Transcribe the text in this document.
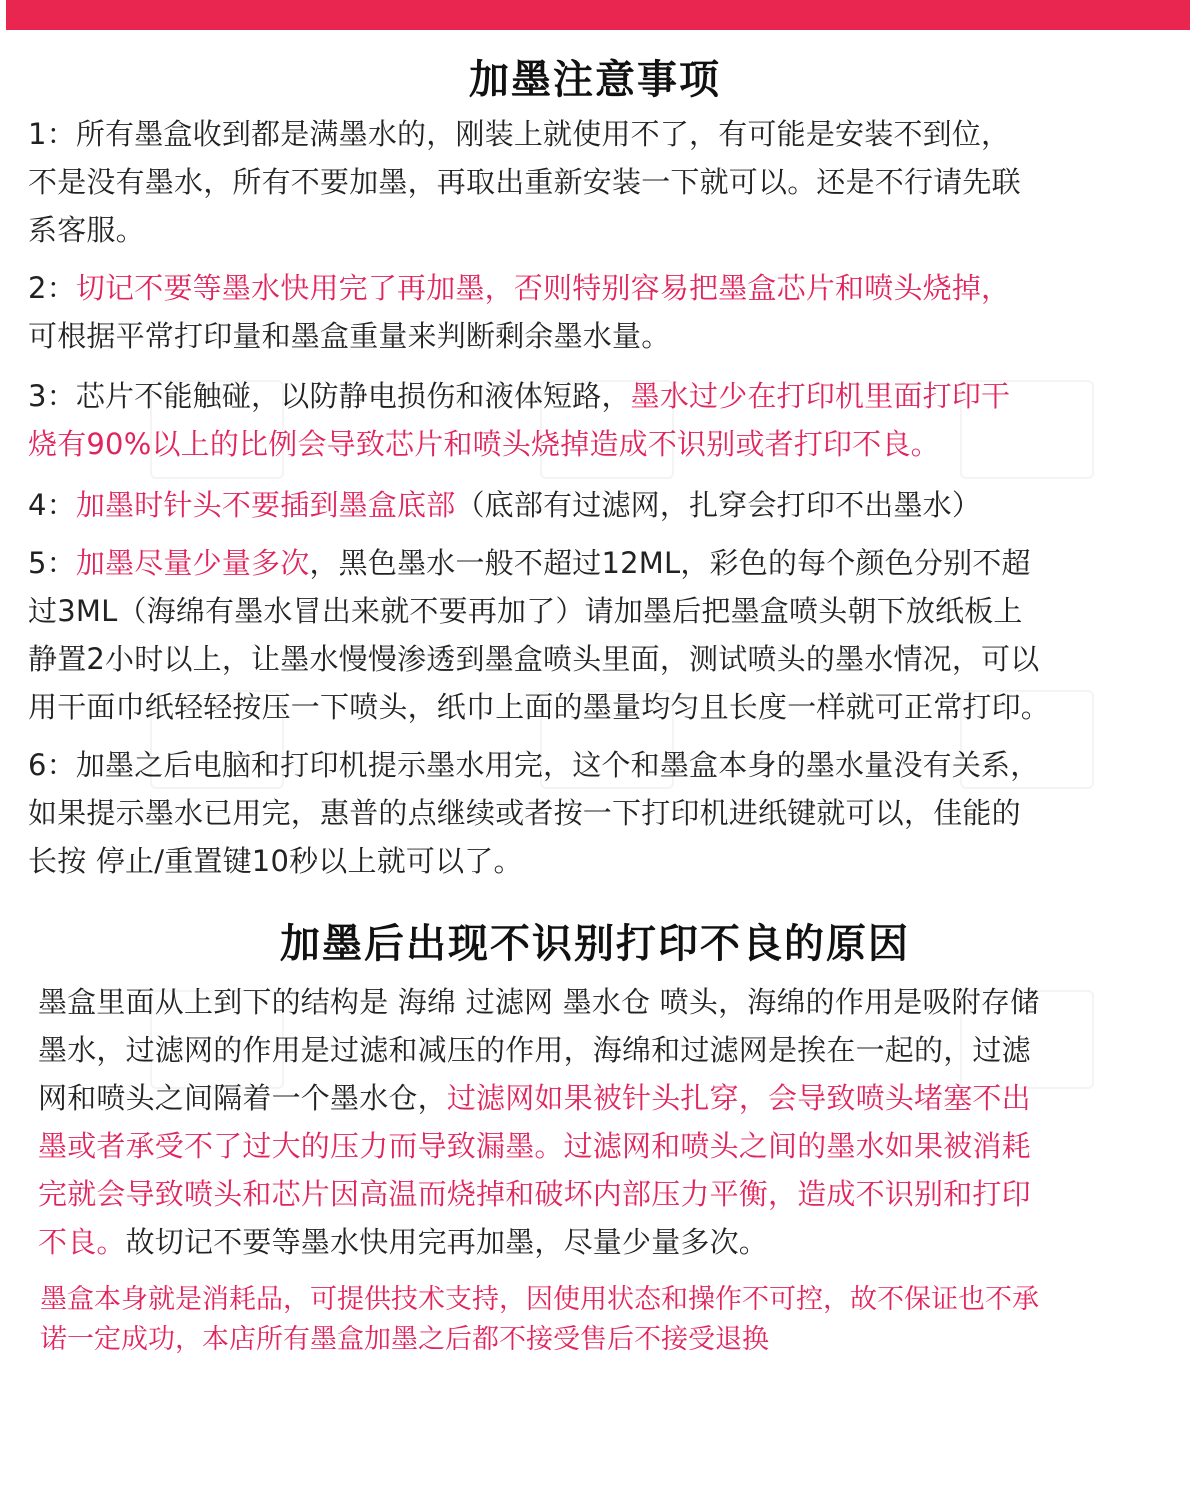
加墨注意事项
1：所有墨盒收到都是满墨水的，刚装上就使用不了，有可能是安装不到位，
不是没有墨水，所有不要加墨，再取出重新安装一下就可以。还是不行请先联
系客服。
2：切记不要等墨水快用完了再加墨，否则特别容易把墨盒芯片和喷头烧掉，
可根据平常打印量和墨盒重量来判断剩余墨水量。
3：芯片不能触碰，以防静电损伤和液体短路，墨水过少在打印机里面打印干
烧有90%以上的比例会导致芯片和喷头烧掉造成不识别或者打印不良。
4：加墨时针头不要插到墨盒底部（底部有过滤网，扎穿会打印不出墨水）
5：加墨尽量少量多次，黑色墨水一般不超过12ML，彩色的每个颜色分别不超
过3ML（海绵有墨水冒出来就不要再加了）请加墨后把墨盒喷头朝下放纸板上
静置2小时以上，让墨水慢慢渗透到墨盒喷头里面，测试喷头的墨水情况，可以
用干面巾纸轻轻按压一下喷头，纸巾上面的墨量均匀且长度一样就可正常打印。
6：加墨之后电脑和打印机提示墨水用完，这个和墨盒本身的墨水量没有关系，
如果提示墨水已用完，惠普的点继续或者按一下打印机进纸键就可以，佳能的
长按 停止/重置键10秒以上就可以了。
加墨后出现不识别打印不良的原因
墨盒里面从上到下的结构是 海绵 过滤网 墨水仓 喷头，海绵的作用是吸附存储
墨水，过滤网的作用是过滤和减压的作用，海绵和过滤网是挨在一起的，过滤
网和喷头之间隔着一个墨水仓，过滤网如果被针头扎穿，会导致喷头堵塞不出
墨或者承受不了过大的压力而导致漏墨。过滤网和喷头之间的墨水如果被消耗
完就会导致喷头和芯片因高温而烧掉和破坏内部压力平衡，造成不识别和打印
不良。故切记不要等墨水快用完再加墨，尽量少量多次。
墨盒本身就是消耗品，可提供技术支持，因使用状态和操作不可控，故不保证也不承
诺一定成功，本店所有墨盒加墨之后都不接受售后不接受退换
